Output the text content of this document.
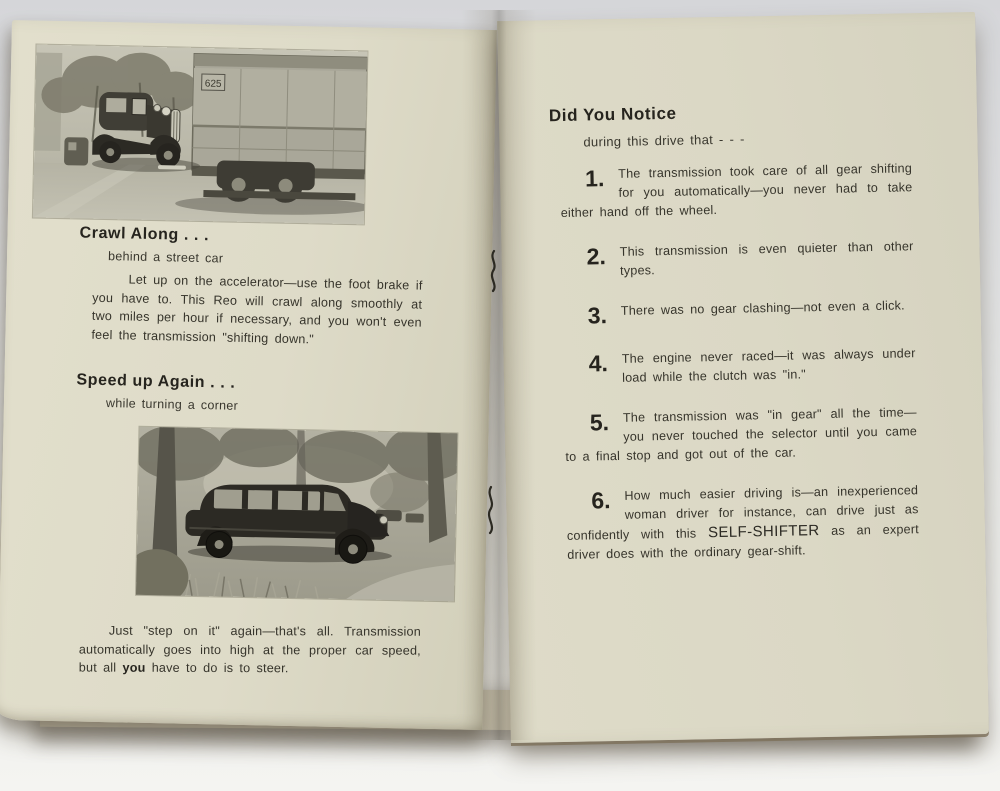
625
Crawl Along . . .
behind a street car
Let up on the accelerator—use the foot brake if you have to. This Reo will crawl along smoothly at two miles per hour if necessary, and you won't even feel the transmission "shifting down."
Speed up Again . . .
while turning a corner
Just "step on it" again—that's all. Transmission automatically goes into high at the proper car speed, but all you have to do is to steer.
Did You Notice
during this drive that - - -

1. The transmission took care of all gear shifting for you automatically—you never had to take either hand off the wheel.

2. This transmission is even quieter than other types.

3. There was no gear clashing—not even a click.

4. The engine never raced—it was always under load while the clutch was "in."

5. The transmission was "in gear" all the time—you never touched the selector until you came to a final stop and got out of the car.

6. How much easier driving is—an inexperienced woman driver for instance, can drive just as confidently with this SELF-SHIFTER as an expert driver does with the ordinary gear-shift.
